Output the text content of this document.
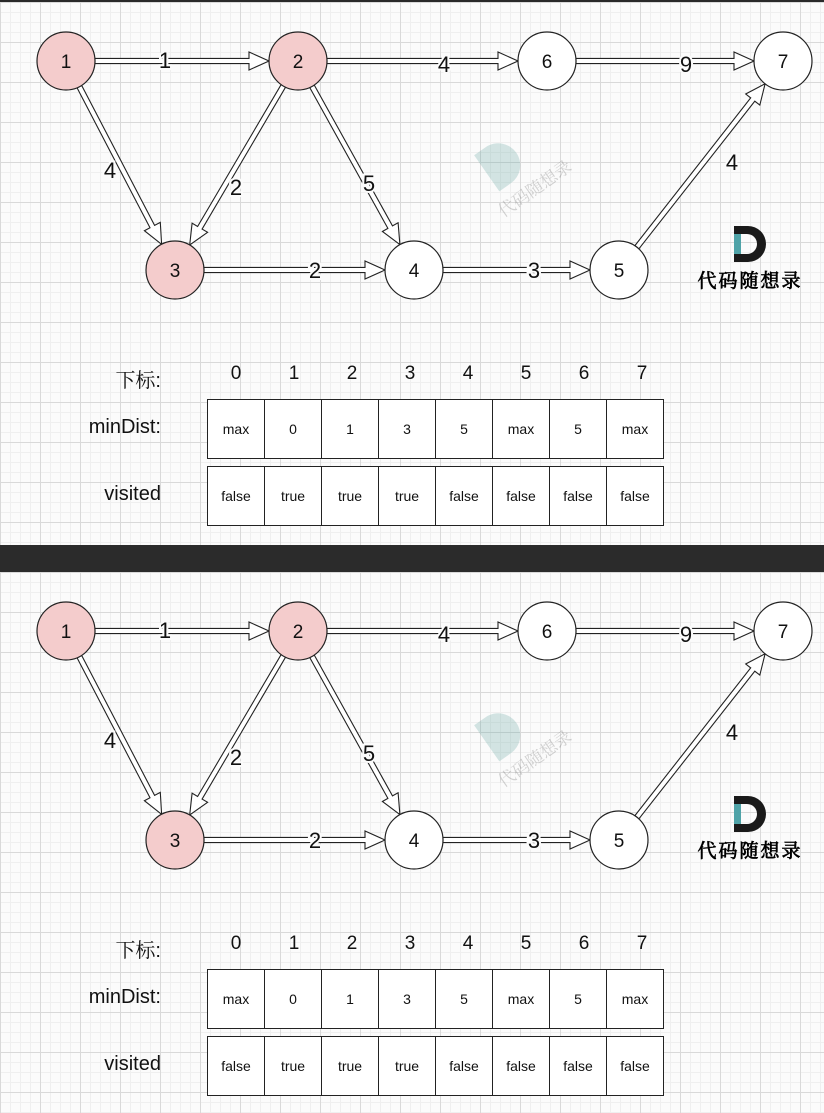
代码随想录
1
4
4
2	5
2	3
9
4
1	2
3	4	5
6	7
代码随想录
下标:
minDist:
visited
0	1	2	3	4	5	6	7
max	0	1	3	5	max	5	max
false	true	true	true	false	false	false	false
代码随想录
1
4
4
2	5
2	3
9
4
1	2
3	4	5
6	7
代码随想录
下标:
minDist:
visited
0	1	2	3	4	5	6	7
max	0	1	3	5	max	5	max
false	true	true	true	false	false	false	false
